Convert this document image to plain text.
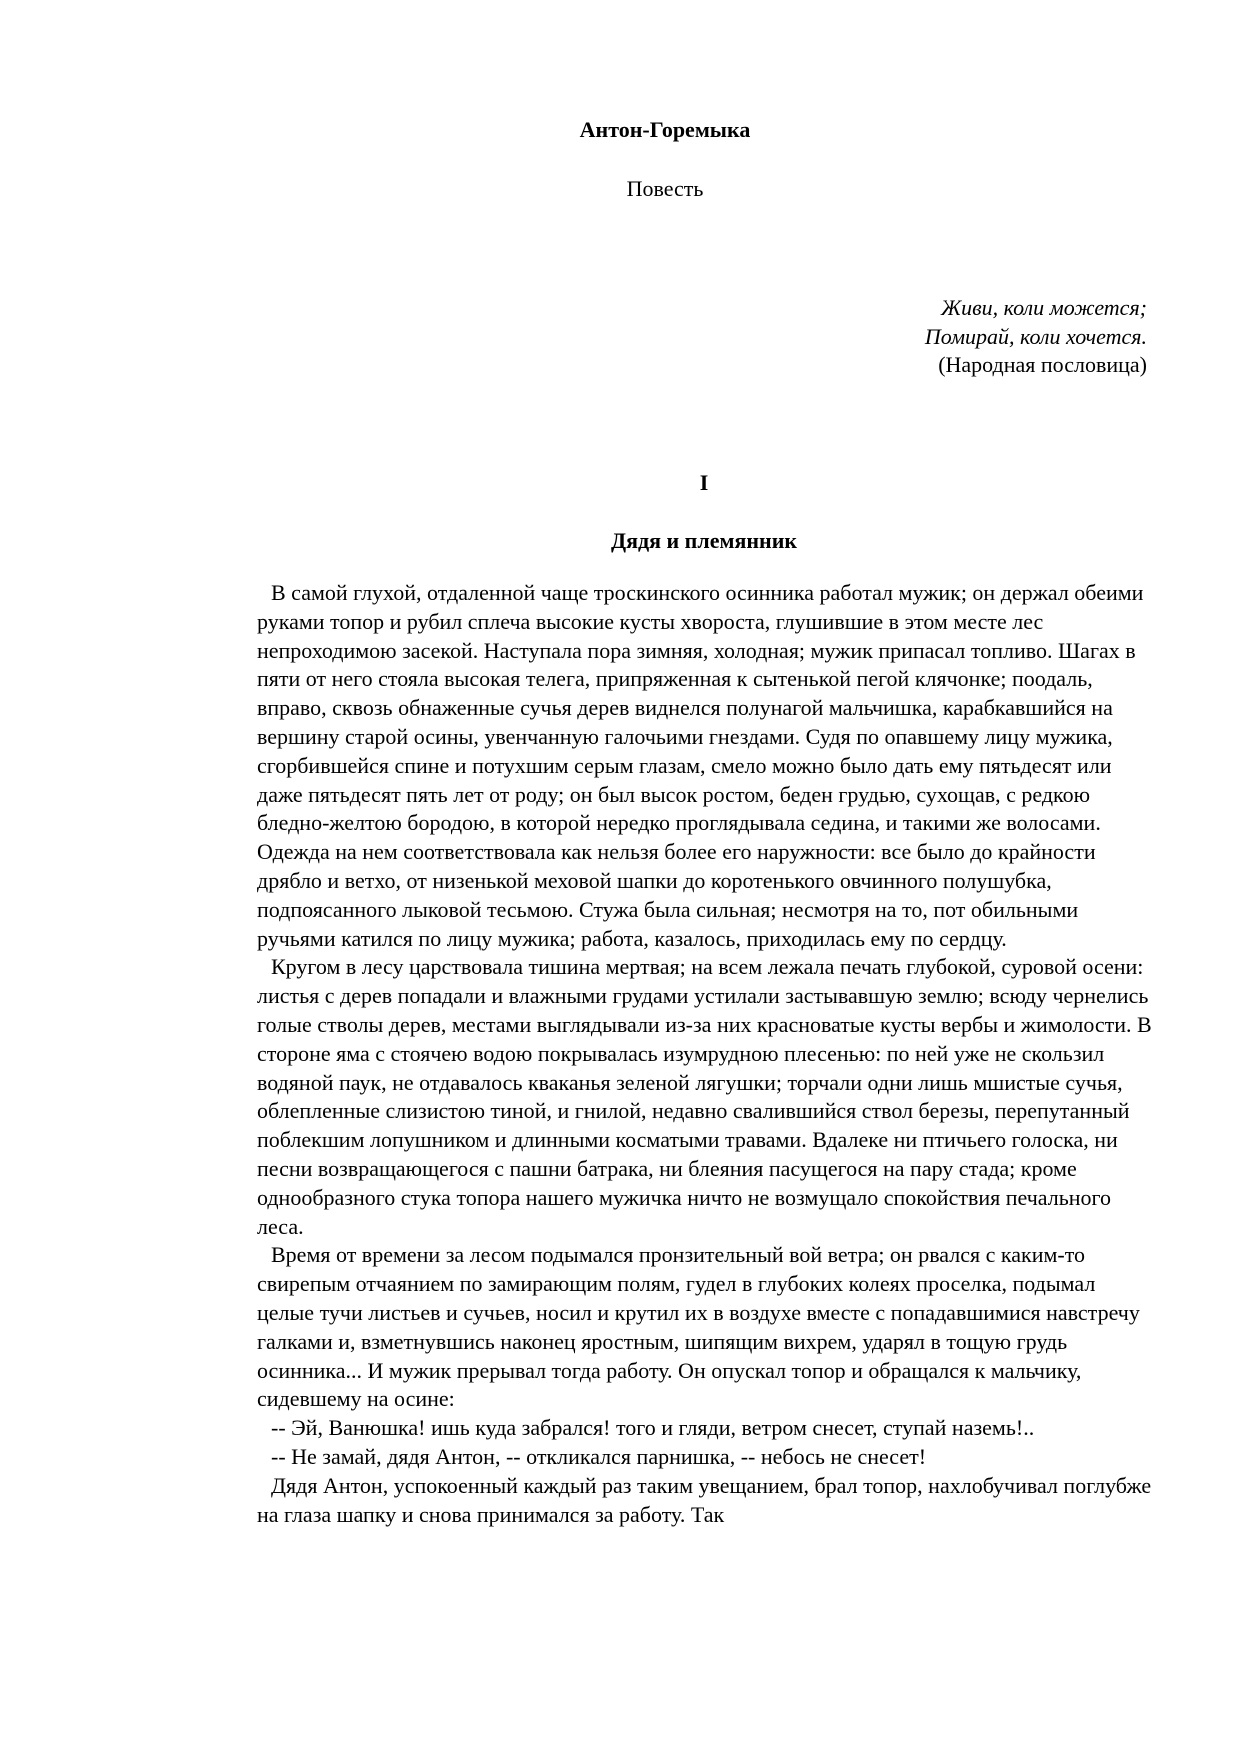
Антон-Горемыка
Повесть
Живи, коли можется;
Помирай, коли хочется.
(Народная пословица)
I
Дядя и племянник

В самой глухой, отдаленной чаще троскинского осинника работал мужик; он держал обеими руками топор и рубил сплеча высокие кусты хвороста, глушившие в этом месте лес непроходимою засекой. Наступала пора зимняя, холодная; мужик припасал топливо. Шагах в пяти от него стояла высокая телега, припряженная к сытенькой пегой клячонке; поодаль, вправо, сквозь обнаженные сучья дерев виднелся полунагой мальчишка, карабкавшийся на вершину старой осины, увенчанную галочьими гнездами. Судя по опавшему лицу мужика, сгорбившейся спине и потухшим серым глазам, смело можно было дать ему пятьдесят или даже пятьдесят пять лет от роду; он был высок ростом, беден грудью, сухощав, с редкою бледно-желтою бородою, в которой нередко проглядывала седина, и такими же волосами. Одежда на нем соответствовала как нельзя более его наружности: все было до крайности дрябло и ветхо, от низенькой меховой шапки до коротенького овчинного полушубка, подпоясанного лыковой тесьмою. Стужа была сильная; несмотря на то, пот обильными ручьями катился по лицу мужика; работа, казалось, приходилась ему по сердцу.

Кругом в лесу царствовала тишина мертвая; на всем лежала печать глубокой, суровой осени: листья с дерев попадали и влажными грудами устилали застывавшую землю; всюду чернелись голые стволы дерев, местами выглядывали из-за них красноватые кусты вербы и жимолости. В стороне яма с стоячею водою покрывалась изумрудною плесенью: по ней уже не скользил водяной паук, не отдавалось кваканья зеленой лягушки; торчали одни лишь мшистые сучья, облепленные слизистою тиной, и гнилой, недавно свалившийся ствол березы, перепутанный поблекшим лопушником и длинными косматыми травами. Вдалеке ни птичьего голоска, ни песни возвращающегося с пашни батрака, ни блеяния пасущегося на пару стада; кроме однообразного стука топора нашего мужичка ничто не возмущало спокойствия печального леса.

Время от времени за лесом подымался пронзительный вой ветра; он рвался с каким-то свирепым отчаянием по замирающим полям, гудел в глубоких колеях проселка, подымал целые тучи листьев и сучьев, носил и крутил их в воздухе вместе с попадавшимися навстречу галками и, взметнувшись наконец яростным, шипящим вихрем, ударял в тощую грудь осинника... И мужик прерывал тогда работу. Он опускал топор и обращался к мальчику, сидевшему на осине:

-- Эй, Ванюшка! ишь куда забрался! того и гляди, ветром снесет, ступай наземь!..

-- Не замай, дядя Антон, -- откликался парнишка, -- небось не снесет!

Дядя Антон, успокоенный каждый раз таким увещанием, брал топор, нахлобучивал поглубже на глаза шапку и снова принимался за работу. Так
